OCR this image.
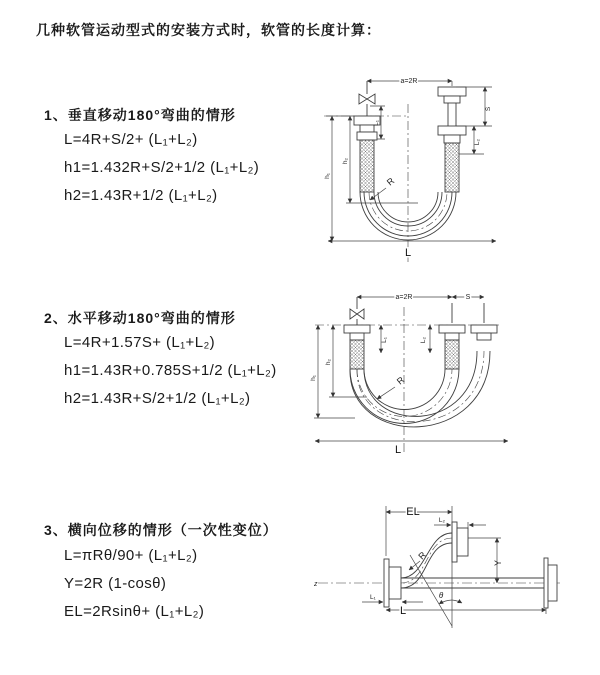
几种软管运动型式的安装方式时，软管的长度计算：
1、垂直移动180°弯曲的情形
L=4R+S/2+ (L₁+L₂)
h1=1.432R+S/2+1/2 (L₁+L₂)
h2=1.43R+1/2 (L₁+L₂)
a=2R
S
L₂
L₁
h₂
h₁	R
L
2、水平移动180°弯曲的情形
L=4R+1.57S+ (L₁+L₂)
h1=1.43R+0.785S+1/2 (L₁+L₂)
h2=1.43R+S/2+1/2 (L₁+L₂)
a=2R	S
L₁	L₂
h₂
h₁	R
L
3、横向位移的情形（一次性变位）
L=πRθ/90+ (L₁+L₂)
Y=2R (1-cosθ)
EL=2Rsinθ+ (L₁+L₂)
EL
L₂
Y
L₁
L
R
θ
z
